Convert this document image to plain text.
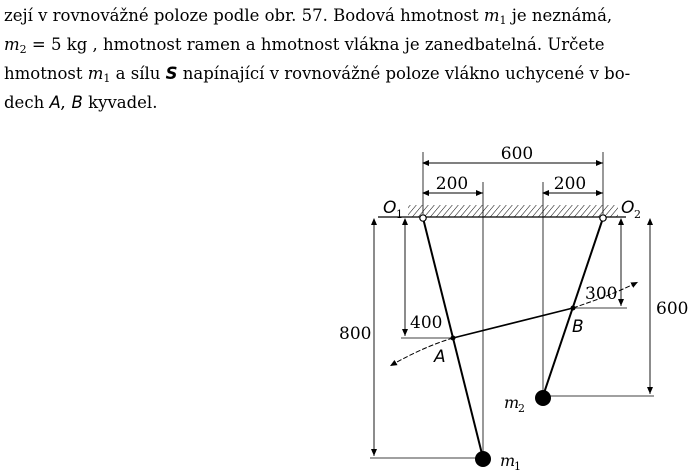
zejí v rovnovážné poloze podle obr. 57. Bodová hmotnost $m_1$ je neznámá,
$m_2 = 5$ kg , hmotnost ramen a hmotnost vlákna je zanedbatelná. Určete
hmotnost $m_1$ a sílu S napínající v rovnovážné poloze vlákno uchycené v bo-
dech A, B kyvadel.
600
200	200
800
400
600
300
O 1	O 2
A
B
m
2
m
1
